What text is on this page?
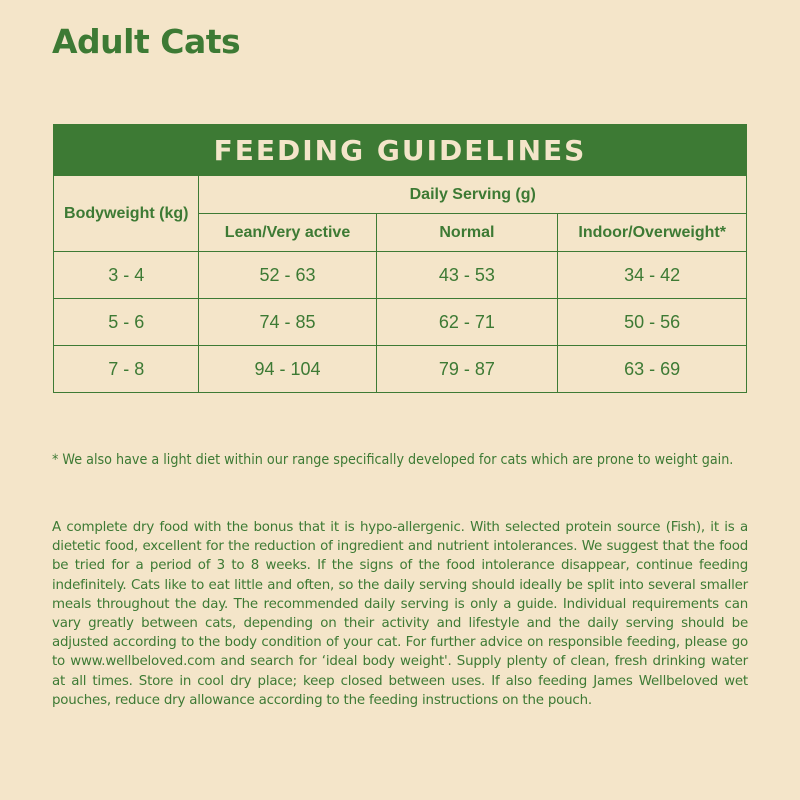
Adult Cats
FEEDING GUIDELINES			
Bodyweight (kg)	Daily Serving (g)		
	Lean/Very active	Normal	Indoor/Overweight*
3 - 4	52 - 63	43 - 53	34 - 42
5 - 6	74 - 85	62 - 71	50 - 56
7 - 8	94 - 104	79 - 87	63 - 69

* We also have a light diet within our range specifically developed for cats which are prone to weight gain.

A complete dry food with the bonus that it is hypo-allergenic. With selected protein source (Fish), it is a dietetic food, excellent for the reduction of ingredient and nutrient intolerances. We suggest that the food be tried for a period of 3 to 8 weeks. If the signs of the food intolerance disappear, continue feeding indefinitely. Cats like to eat little and often, so the daily serving should ideally be split into several smaller meals throughout the day. The recommended daily serving is only a guide. Individual requirements can vary greatly between cats, depending on their activity and lifestyle and the daily serving should be adjusted according to the body condition of your cat. For further advice on responsible feeding, please go to www.wellbeloved.com and search for ‘ideal body weight'. Supply plenty of clean, fresh drinking water at all times. Store in cool dry place; keep closed between uses. If also feeding James Wellbeloved wet pouches, reduce dry allowance according to the feeding instructions on the pouch.
